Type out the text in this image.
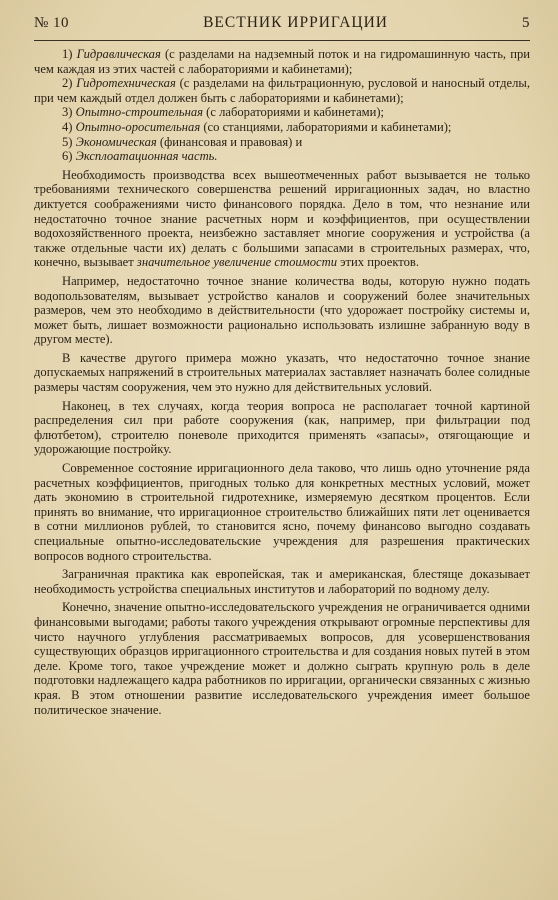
№ 10	ВЕСТНИК ИРРИГАЦИИ	5

1) Гидравлическая (с разделами на надземный поток и на гидромашинную часть, при чем каждая из этих частей с лабораториями и кабинетами);

2) Гидротехническая (с разделами на фильтрационную, русловой и наносный отделы, при чем каждый отдел должен быть с лабораториями и кабинетами);

3) Опытно-строительная (с лабораториями и кабинетами);

4) Опытно-оросительная (со станциями, лабораториями и кабинетами);

5) Экономическая (финансовая и правовая) и

6) Эксплоатационная часть.

Необходимость производства всех вышеотмеченных работ вызывается не только требованиями технического совершенства решений ирригационных задач, но властно диктуется соображениями чисто финансового порядка. Дело в том, что незнание или недостаточно точное знание расчетных норм и коэффициентов, при осуществлении водохозяйственного проекта, неизбежно заставляет многие сооружения и устройства (а также отдельные части их) делать с большими запасами в строительных размерах, что, конечно, вызывает значительное увеличение стоимости этих проектов.

Например, недостаточно точное знание количества воды, которую нужно подать водопользователям, вызывает устройство каналов и сооружений более значительных размеров, чем это необходимо в действительности (что удорожает постройку системы и, может быть, лишает возможности рационально использовать излишне забранную воду в другом месте).

В качестве другого примера можно указать, что недостаточно точное знание допускаемых напряжений в строительных материалах заставляет назначать более солидные размеры частям сооружения, чем это нужно для действительных условий.

Наконец, в тех случаях, когда теория вопроса не располагает точной картиной распределения сил при работе сооружения (как, например, при фильтрации под флютбетом), строителю поневоле приходится применять «запасы», отягощающие и удорожающие постройку.

Современное состояние ирригационного дела таково, что лишь одно уточнение ряда расчетных коэффициентов, пригодных только для конкретных местных условий, может дать экономию в строительной гидротехнике, измеряемую десятком процентов. Если принять во внимание, что ирригационное строительство ближайших пяти лет оценивается в сотни миллионов рублей, то становится ясно, почему финансово выгодно создавать специальные опытно-исследовательские учреждения для разрешения практических вопросов водного строительства.

Заграничная практика как европейская, так и американская, блестяще доказывает необходимость устройства специальных институтов и лабораторий по водному делу.

Конечно, значение опытно-исследовательского учреждения не ограничивается одними финансовыми выгодами; работы такого учреждения открывают огромные перспективы для чисто научного углубления рассматриваемых вопросов, для усовершенствования существующих образцов ирригационного строительства и для создания новых путей в этом деле. Кроме того, такое учреждение может и должно сыграть крупную роль в деле подготовки надлежащего кадра работников по ирригации, органически связанных с жизнью края. В этом отношении развитие исследовательского учреждения имеет большое политическое значение.
